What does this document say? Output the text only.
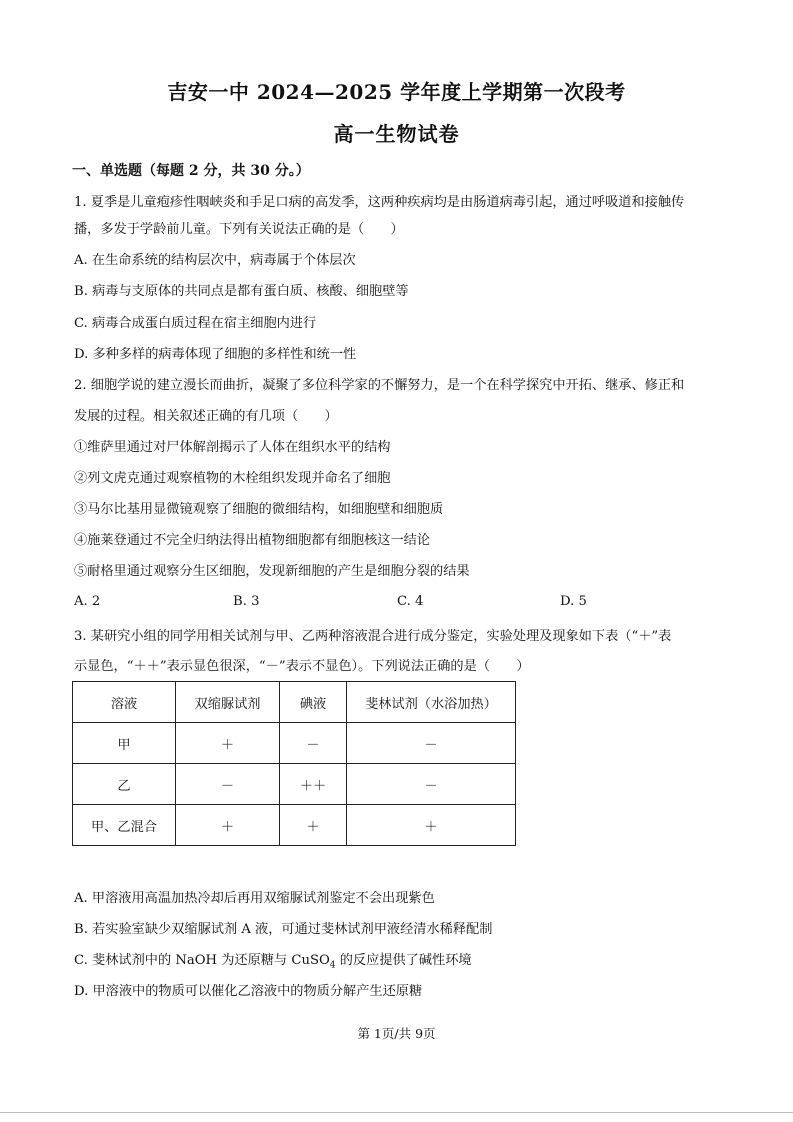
吉安一中 2024—2025 学年度上学期第一次段考
高一生物试卷
一、单选题（每题 2 分，共 30 分。）
1. 夏季是儿童疱疹性咽峡炎和手足口病的高发季，这两种疾病均是由肠道病毒引起，通过呼吸道和接触传
播，多发于学龄前儿童。下列有关说法正确的是（　　）
A. 在生命系统的结构层次中，病毒属于个体层次
B. 病毒与支原体的共同点是都有蛋白质、核酸、细胞壁等
C. 病毒合成蛋白质过程在宿主细胞内进行
D. 多种多样的病毒体现了细胞的多样性和统一性
2. 细胞学说的建立漫长而曲折，凝聚了多位科学家的不懈努力，是一个在科学探究中开拓、继承、修正和
发展的过程。相关叙述正确的有几项（　　）
①维萨里通过对尸体解剖揭示了人体在组织水平的结构
②列文虎克通过观察植物的木栓组织发现并命名了细胞
③马尔比基用显微镜观察了细胞的微细结构，如细胞壁和细胞质
④施莱登通过不完全归纳法得出植物细胞都有细胞核这一结论
⑤耐格里通过观察分生区细胞，发现新细胞的产生是细胞分裂的结果
A. 2	B. 3	C. 4	D. 5
3. 某研究小组的同学用相关试剂与甲、乙两种溶液混合进行成分鉴定，实验处理及现象如下表（“＋”表
示显色，“＋＋”表示显色很深，“－”表示不显色）。下列说法正确的是（　　）
溶液	双缩脲试剂	碘液	斐林试剂（水浴加热）
甲	＋	－	－
乙	－	＋＋	－
甲、乙混合	＋	＋	＋
A. 甲溶液用高温加热冷却后再用双缩脲试剂鉴定不会出现紫色
B. 若实验室缺少双缩脲试剂 A 液，可通过斐林试剂甲液经清水稀释配制
C. 斐林试剂中的 NaOH 为还原糖与 CuSO$_4$ 的反应提供了碱性环境
D. 甲溶液中的物质可以催化乙溶液中的物质分解产生还原糖
第 1页/共 9页
